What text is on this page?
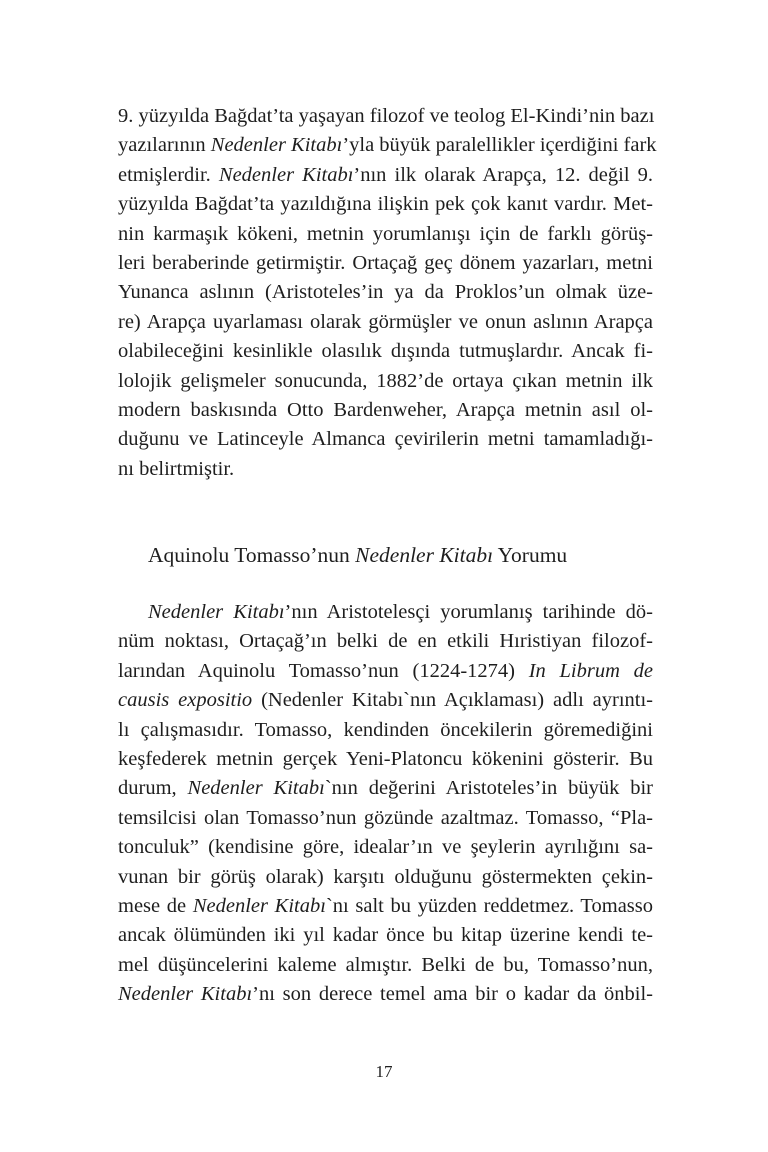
9. yüzyılda Bağdat’ta yaşayan filozof ve teolog El-Kindi’nin bazı
yazılarının Nedenler Kitabı’yla büyük paralellikler içerdiğini fark
etmişlerdir. Nedenler Kitabı’nın ilk olarak Arapça, 12. değil 9.
yüzyılda Bağdat’ta yazıldığına ilişkin pek çok kanıt vardır. Met-
nin karmaşık kökeni, metnin yorumlanışı için de farklı görüş-
leri beraberinde getirmiştir. Ortaçağ geç dönem yazarları, metni
Yunanca aslının (Aristoteles’in ya da Proklos’un olmak üze-
re) Arapça uyarlaması olarak görmüşler ve onun aslının Arapça
olabileceğini kesinlikle olasılık dışında tutmuşlardır. Ancak fi-
lolojik gelişmeler sonucunda, 1882’de ortaya çıkan metnin ilk
modern baskısında Otto Bardenweher, Arapça metnin asıl ol-
duğunu ve Latinceyle Almanca çevirilerin metni tamamladığı-
nı belirtmiştir.
Aquinolu Tomasso’nun Nedenler Kitabı Yorumu
Nedenler Kitabı’nın Aristotelesçi yorumlanış tarihinde dö-
nüm noktası, Ortaçağ’ın belki de en etkili Hıristiyan filozof-
larından Aquinolu Tomasso’nun (1224-1274) In Librum de
causis expositio (Nedenler Kitabı`nın Açıklaması) adlı ayrıntı-
lı çalışmasıdır. Tomasso, kendinden öncekilerin göremediğini
keşfederek metnin gerçek Yeni-Platoncu kökenini gösterir. Bu
durum, Nedenler Kitabı`nın değerini Aristoteles’in büyük bir
temsilcisi olan Tomasso’nun gözünde azaltmaz. Tomasso, “Pla-
tonculuk” (kendisine göre, idealar’ın ve şeylerin ayrılığını sa-
vunan bir görüş olarak) karşıtı olduğunu göstermekten çekin-
mese de Nedenler Kitabı`nı salt bu yüzden reddetmez. Tomasso
ancak ölümünden iki yıl kadar önce bu kitap üzerine kendi te-
mel düşüncelerini kaleme almıştır. Belki de bu, Tomasso’nun,
Nedenler Kitabı’nı son derece temel ama bir o kadar da önbil-
17
